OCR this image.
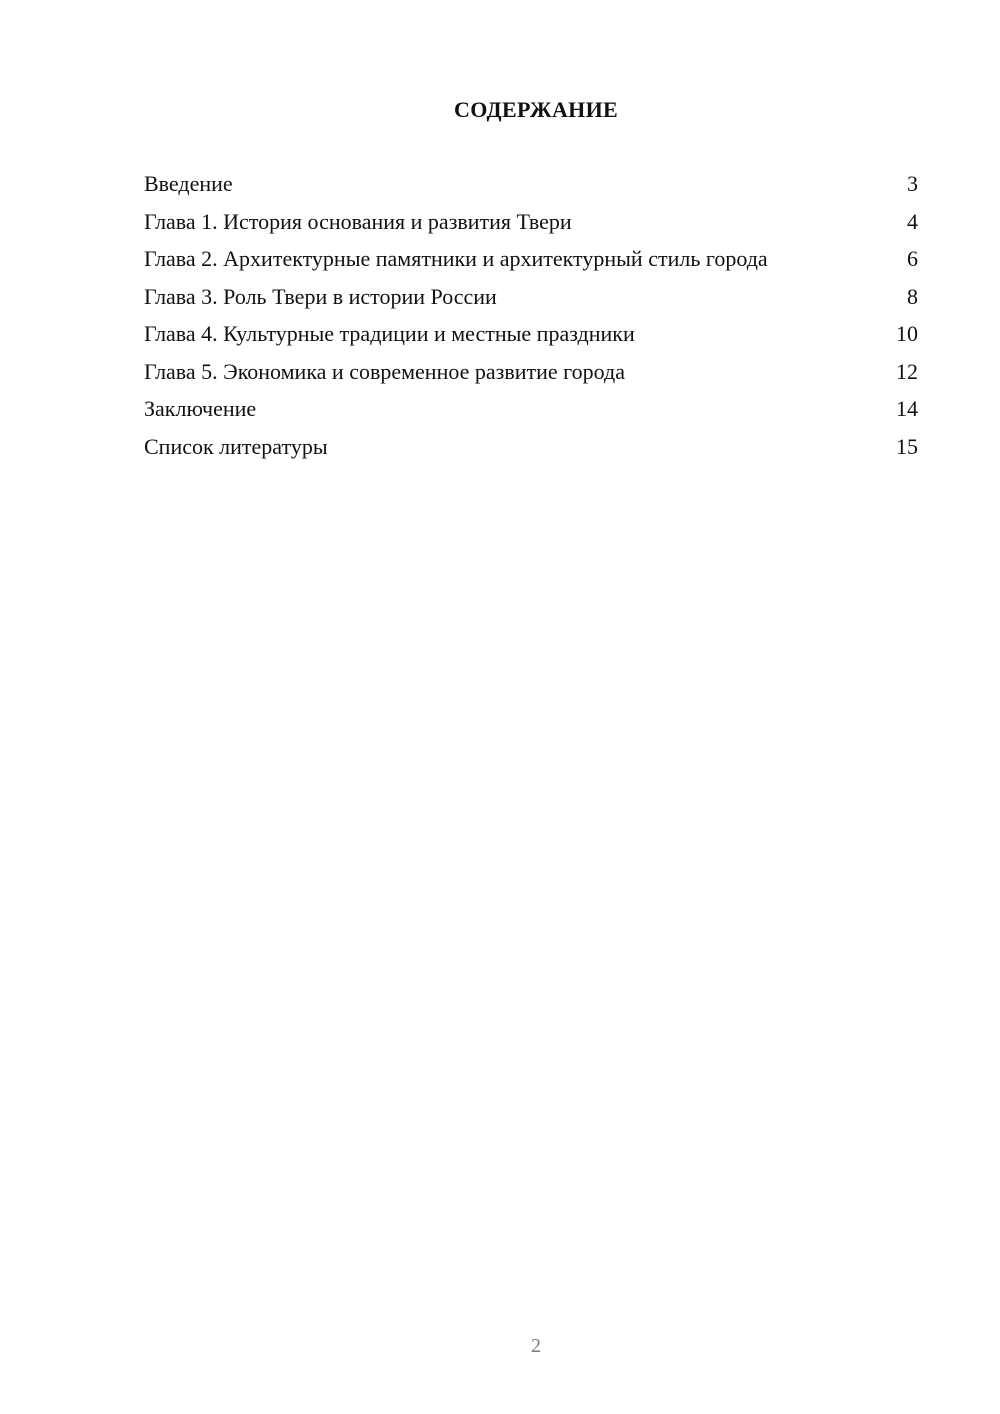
СОДЕРЖАНИЕ
Введение	3
Глава 1. История основания и развития Твери	4
Глава 2. Архитектурные памятники и архитектурный стиль города	6
Глава 3. Роль Твери в истории России	8
Глава 4. Культурные традиции и местные праздники	10
Глава 5. Экономика и современное развитие города	12
Заключение	14
Список литературы	15
2
